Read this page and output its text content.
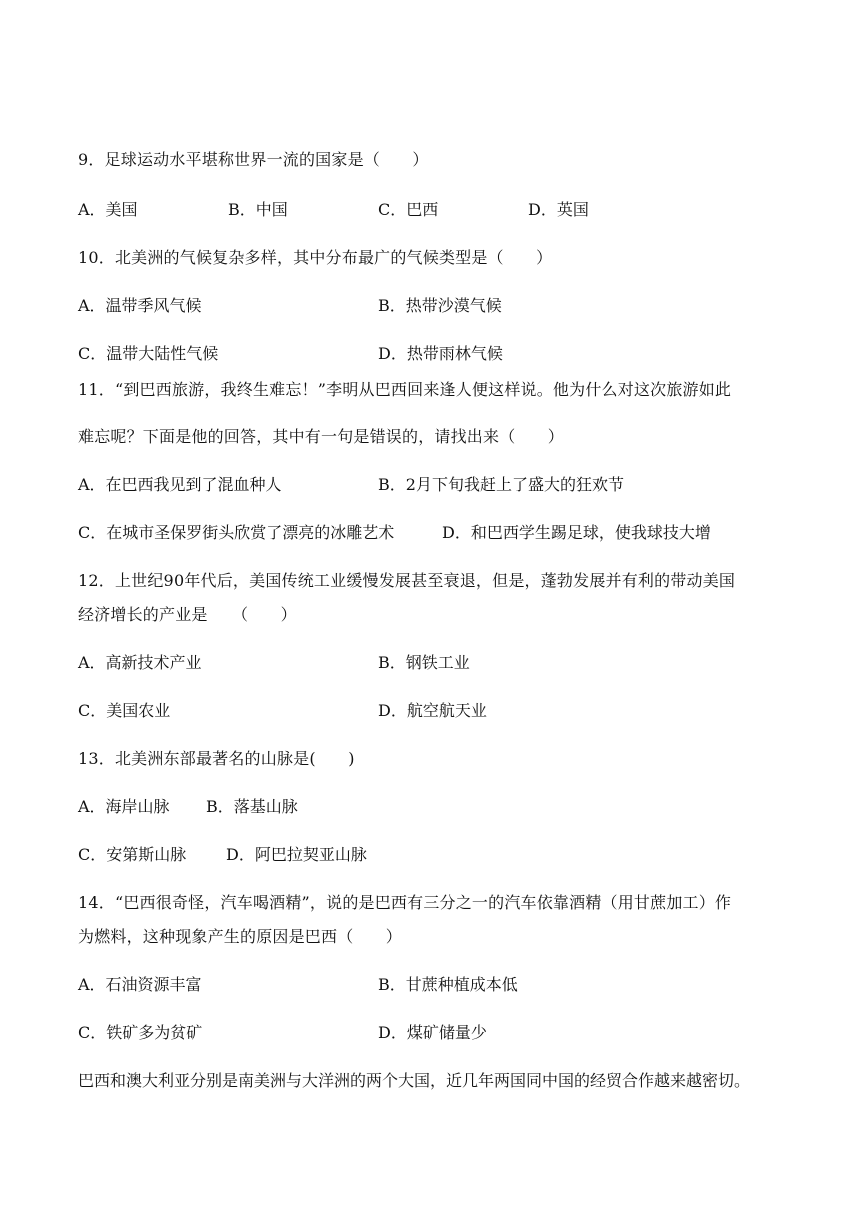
9．足球运动水平堪称世界一流的国家是（　　）
A．美国	B．中国	C．巴西	D．英国
10．北美洲的气候复杂多样，其中分布最广的气候类型是（　　）
A．温带季风气候	B．热带沙漠气候
C．温带大陆性气候	D．热带雨林气候
11．“到巴西旅游，我终生难忘！”李明从巴西回来逢人便这样说。他为什么对这次旅游如此
难忘呢？下面是他的回答，其中有一句是错误的，请找出来（　　）
A．在巴西我见到了混血种人	B．2月下旬我赶上了盛大的狂欢节
C．在城市圣保罗街头欣赏了漂亮的冰雕艺术	D．和巴西学生踢足球，使我球技大增
12．上世纪90年代后，美国传统工业缓慢发展甚至衰退，但是，蓬勃发展并有利的带动美国
经济增长的产业是　　（　　）
A．高新技术产业	B．钢铁工业
C．美国农业	D．航空航天业
13．北美洲东部最著名的山脉是(　　)
A．海岸山脉 B．落基山脉
C．安第斯山脉 D．阿巴拉契亚山脉
14．“巴西很奇怪，汽车喝酒精”，说的是巴西有三分之一的汽车依靠酒精（用甘蔗加工）作
为燃料，这种现象产生的原因是巴西（　　）
A．石油资源丰富	B．甘蔗种植成本低
C．铁矿多为贫矿	D．煤矿储量少
巴西和澳大利亚分别是南美洲与大洋洲的两个大国，近几年两国同中国的经贸合作越来越密切。
